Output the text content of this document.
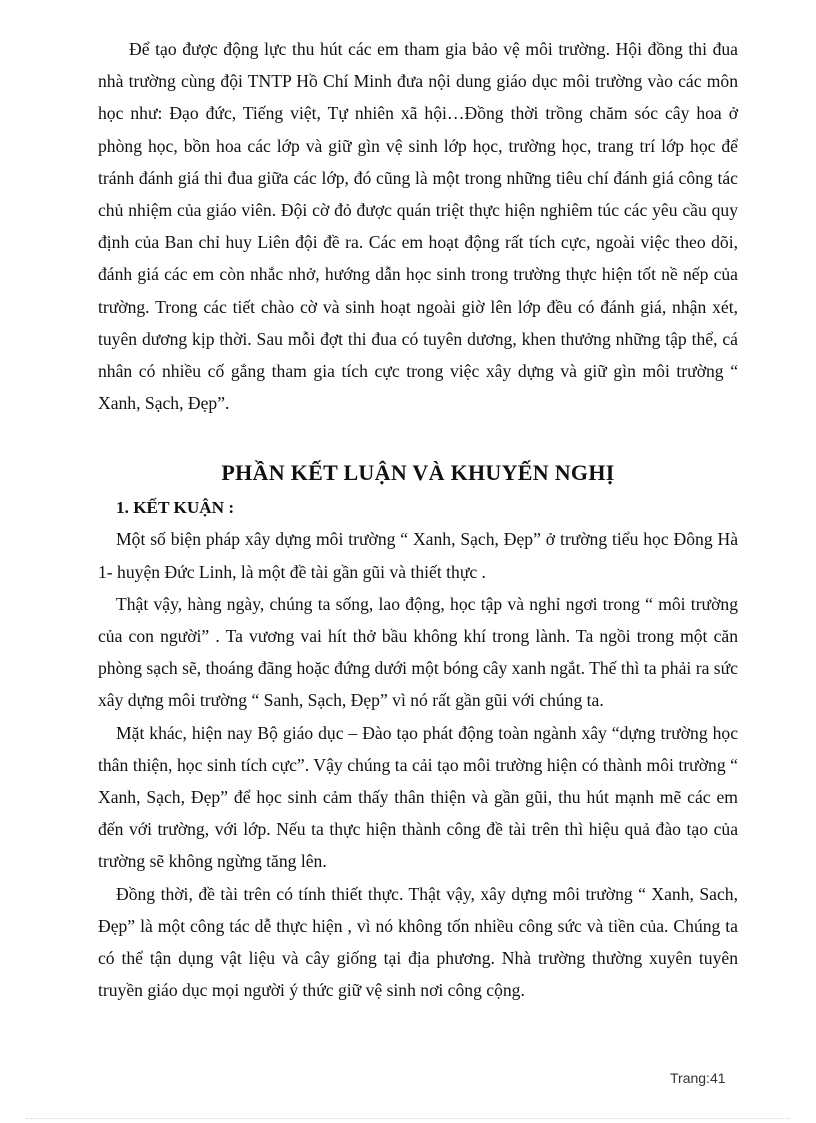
Để tạo được động lực thu hút các em tham gia bảo vệ môi trường. Hội đồng thi đua nhà trường cùng đội TNTP Hồ Chí Minh đưa nội dung giáo dục môi trường vào các môn học như: Đạo đức, Tiếng việt, Tự nhiên xã hội…Đồng thời trồng chăm sóc cây hoa ở phòng học, bồn hoa các lớp và giữ gìn vệ sinh lớp học, trường học, trang trí lớp học để tránh đánh giá thi đua giữa các lớp, đó cũng là một trong những tiêu chí đánh giá công tác chủ nhiệm của giáo viên. Đội cờ đỏ được quán triệt thực hiện nghiêm túc các yêu cầu quy định của Ban chỉ huy Liên đội đề ra. Các em hoạt động rất tích cực, ngoài việc theo dõi, đánh giá các em còn nhắc nhở, hướng dẫn học sinh trong trường thực hiện tốt nề nếp của trường. Trong các tiết chào cờ và sinh hoạt ngoài giờ lên lớp đều có đánh giá, nhận xét, tuyên dương kịp thời. Sau mỗi đợt thi đua có tuyên dương, khen thưởng những tập thể, cá nhân có nhiều cố gắng tham gia tích cực trong việc xây dựng và giữ gìn môi trường “ Xanh, Sạch, Đẹp”.

PHẦN KẾT LUẬN VÀ KHUYẾN NGHỊ
1. KẾT KUẬN :

Một số biện pháp xây dựng môi trường “ Xanh, Sạch, Đẹp” ở trường tiểu học Đông Hà 1- huyện Đức Linh, là một đề tài gần gũi và thiết thực .

Thật vậy, hàng ngày, chúng ta sống, lao động, học tập và nghỉ ngơi trong “ môi trường của con người” . Ta vương vai hít thở bầu không khí trong lành. Ta ngồi trong một căn phòng sạch sẽ, thoáng đãng hoặc đứng dưới một bóng cây xanh ngắt. Thế thì ta phải ra sức xây dựng môi trường “ Sanh, Sạch, Đẹp” vì nó rất gần gũi với chúng ta.

Mặt khác, hiện nay Bộ giáo dục – Đào tạo phát động toàn ngành xây “dựng trường học thân thiện, học sinh tích cực”. Vậy chúng ta cải tạo môi trường hiện có thành môi trường “ Xanh, Sạch, Đẹp” để học sinh cảm thấy thân thiện và gần gũi, thu hút mạnh mẽ các em đến với trường, với lớp. Nếu ta thực hiện thành công đề tài trên thì hiệu quả đào tạo của trường sẽ không ngừng tăng lên.

Đồng thời, đề tài trên có tính thiết thực. Thật vậy, xây dựng môi trường “ Xanh, Sach, Đẹp” là một công tác dễ thực hiện , vì nó không tốn nhiều công sức và tiền của. Chúng ta có thể tận dụng vật liệu và cây giống tại địa phương. Nhà trường thường xuyên tuyên truyền giáo dục mọi người ý thức giữ vệ sinh nơi công cộng.

Trang:41
